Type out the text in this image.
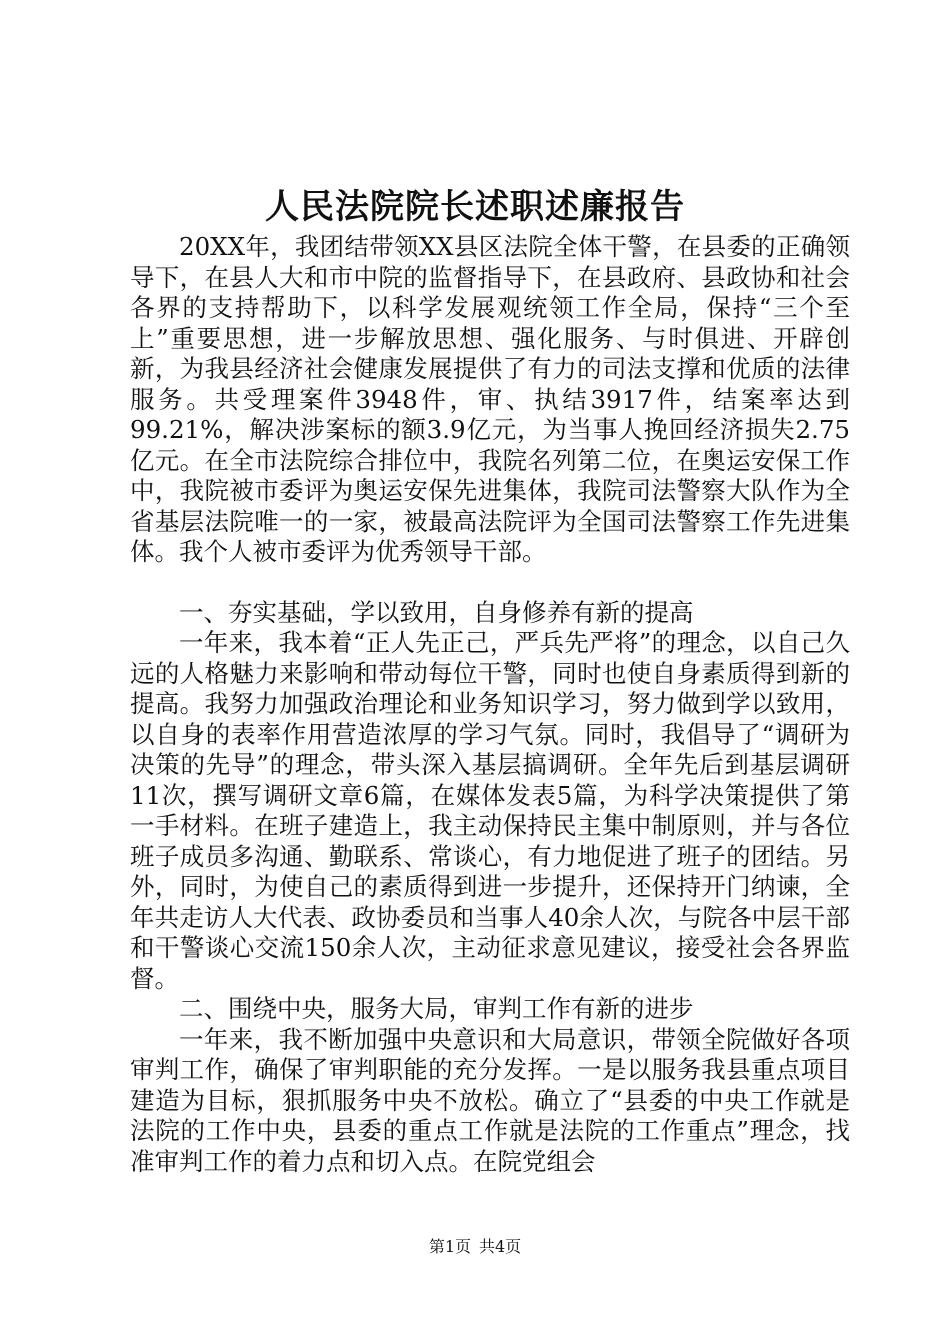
人民法院院长述职述廉报告

20XX年，我团结带领XX县区法院全体干警，在县委的正确领导下，在县人大和市中院的监督指导下，在县政府、县政协和社会各界的支持帮助下，以科学发展观统领工作全局，保持“三个至上”重要思想，进一步解放思想、强化服务、与时俱进、开辟创新，为我县经济社会健康发展提供了有力的司法支撑和优质的法律服务。共受理案件3948件，审、执结3917件，结案率达到99.21%，解决涉案标的额3.9亿元，为当事人挽回经济损失2.75亿元。在全市法院综合排位中，我院名列第二位，在奥运安保工作中，我院被市委评为奥运安保先进集体，我院司法警察大队作为全省基层法院唯一的一家，被最高法院评为全国司法警察工作先进集体。我个人被市委评为优秀领导干部。

一、夯实基础，学以致用，自身修养有新的提高

一年来，我本着“正人先正己，严兵先严将”的理念，以自己久远的人格魅力来影响和带动每位干警，同时也使自身素质得到新的提高。我努力加强政治理论和业务知识学习，努力做到学以致用，以自身的表率作用营造浓厚的学习气氛。同时，我倡导了“调研为决策的先导”的理念，带头深入基层搞调研。全年先后到基层调研11次，撰写调研文章6篇，在媒体发表5篇，为科学决策提供了第一手材料。在班子建造上，我主动保持民主集中制原则，并与各位班子成员多沟通、勤联系、常谈心，有力地促进了班子的团结。另外，同时，为使自己的素质得到进一步提升，还保持开门纳谏，全年共走访人大代表、政协委员和当事人40余人次，与院各中层干部和干警谈心交流150余人次，主动征求意见建议，接受社会各界监督。

二、围绕中央，服务大局，审判工作有新的进步

一年来，我不断加强中央意识和大局意识，带领全院做好各项审判工作，确保了审判职能的充分发挥。一是以服务我县重点项目建造为目标，狠抓服务中央不放松。确立了“县委的中央工作就是法院的工作中央，县委的重点工作就是法院的工作重点”理念，找准审判工作的着力点和切入点。在院党组会

第1页 共4页
